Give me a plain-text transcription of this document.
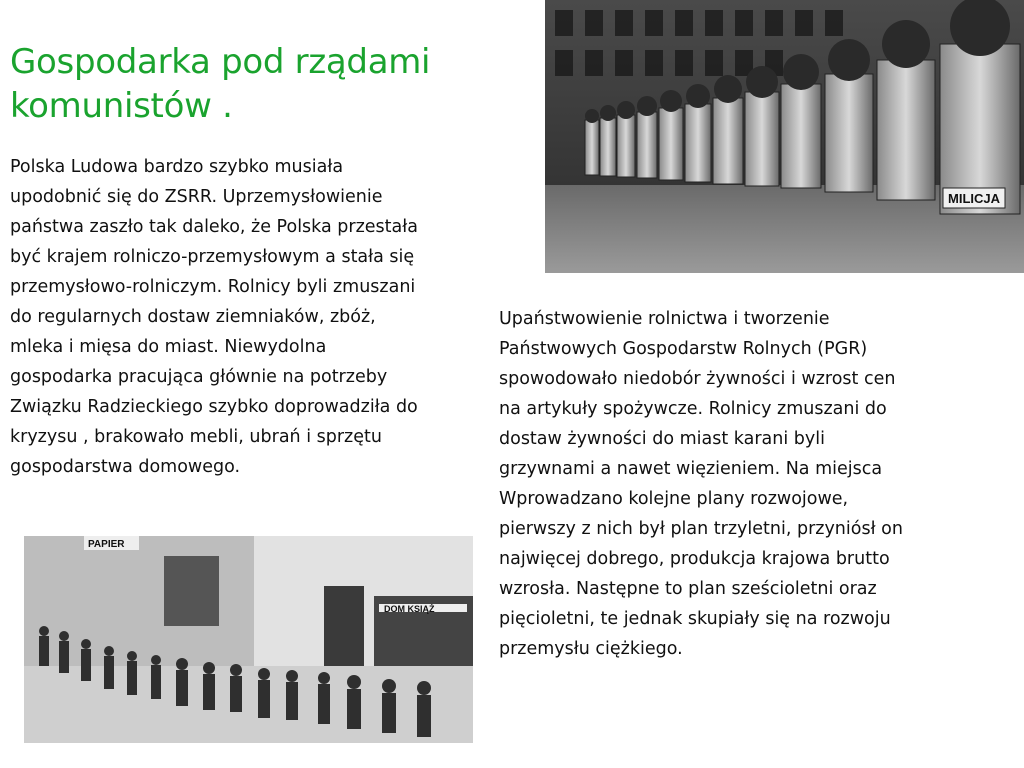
Gospodarka pod rządami
komunistów .
Polska Ludowa bardzo szybko musiała
upodobnić się do ZSRR. Uprzemysłowienie
państwa zaszło tak daleko, że Polska przestała
być krajem rolniczo-przemysłowym a stała się
przemysłowo-rolniczym. Rolnicy byli zmuszani
do regularnych dostaw ziemniaków, zbóż,
mleka i mięsa do miast. Niewydolna
gospodarka pracująca głównie na potrzeby
Związku Radzieckiego szybko doprowadziła do
kryzysu , brakowało mebli, ubrań i sprzętu
gospodarstwa domowego.
Upaństwowienie rolnictwa i tworzenie
Państwowych Gospodarstw Rolnych (PGR)
spowodowało niedobór żywności i wzrost cen
na artykuły spożywcze. Rolnicy zmuszani do
dostaw żywności do miast karani byli
grzywnami a nawet więzieniem. Na miejsca
Wprowadzano kolejne plany rozwojowe,
pierwszy z nich był plan trzyletni, przyniósł on
najwięcej dobrego, produkcja krajowa brutto
wzrosła. Następne to plan sześcioletni oraz
pięcioletni, te jednak skupiały się na rozwoju
przemysłu ciężkiego.
MILICJA
DOM KSIĄŻ
PAPIER
